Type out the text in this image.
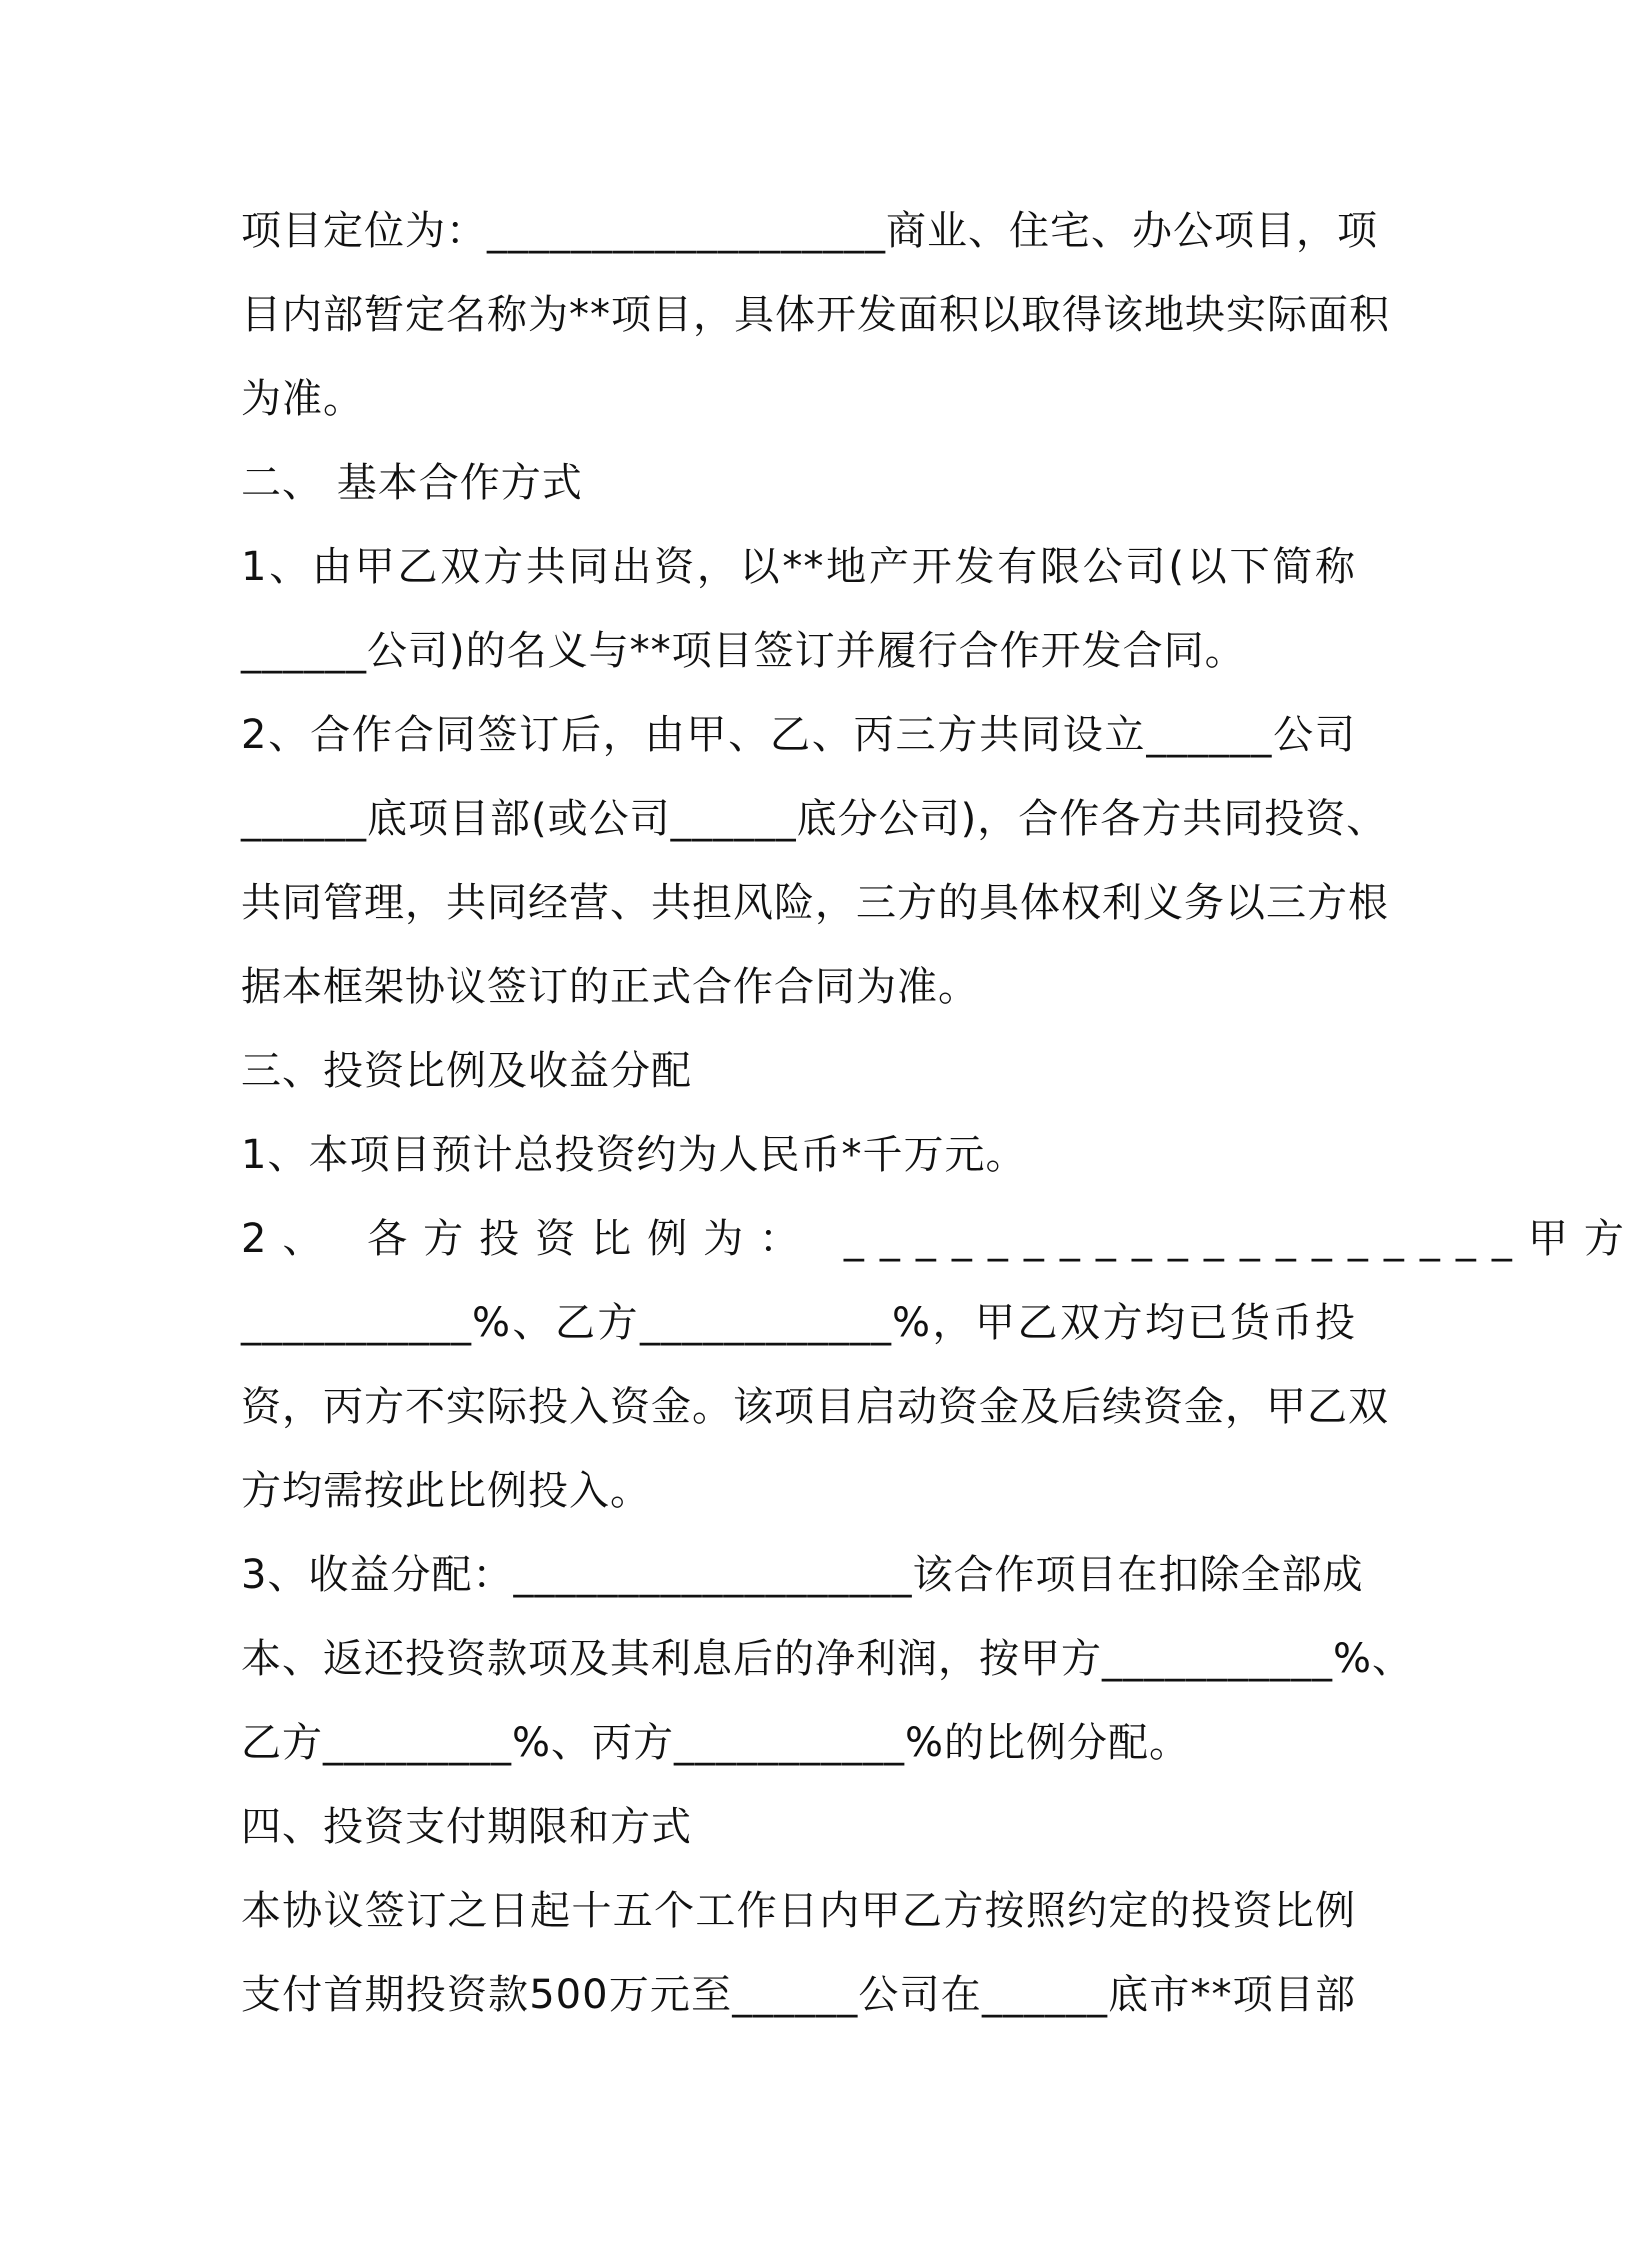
项目定位为：___________________商业、住宅、办公项目，项
目内部暂定名称为**项目，具体开发面积以取得该地块实际面积
为准。
二、 基本合作方式
1、由甲乙双方共同出资，以**地产开发有限公司(以下简称
______公司)的名义与**项目签订并履行合作开发合同。
2、合作合同签订后，由甲、乙、丙三方共同设立______公司
______底项目部(或公司______底分公司)，合作各方共同投资、
共同管理，共同经营、共担风险，三方的具体权利义务以三方根
据本框架协议签订的正式合作合同为准。
三、投资比例及收益分配
1、本项目预计总投资约为人民币*千万元。
2、 各方投资比例为： ___________________甲方
___________%、乙方____________%，甲乙双方均已货币投
资，丙方不实际投入资金。该项目启动资金及后续资金，甲乙双
方均需按此比例投入。
3、收益分配：___________________该合作项目在扣除全部成
本、返还投资款项及其利息后的净利润，按甲方___________%、
乙方_________%、丙方___________%的比例分配。
四、投资支付期限和方式
本协议签订之日起十五个工作日内甲乙方按照约定的投资比例
支付首期投资款500万元至______公司在______底市**项目部
